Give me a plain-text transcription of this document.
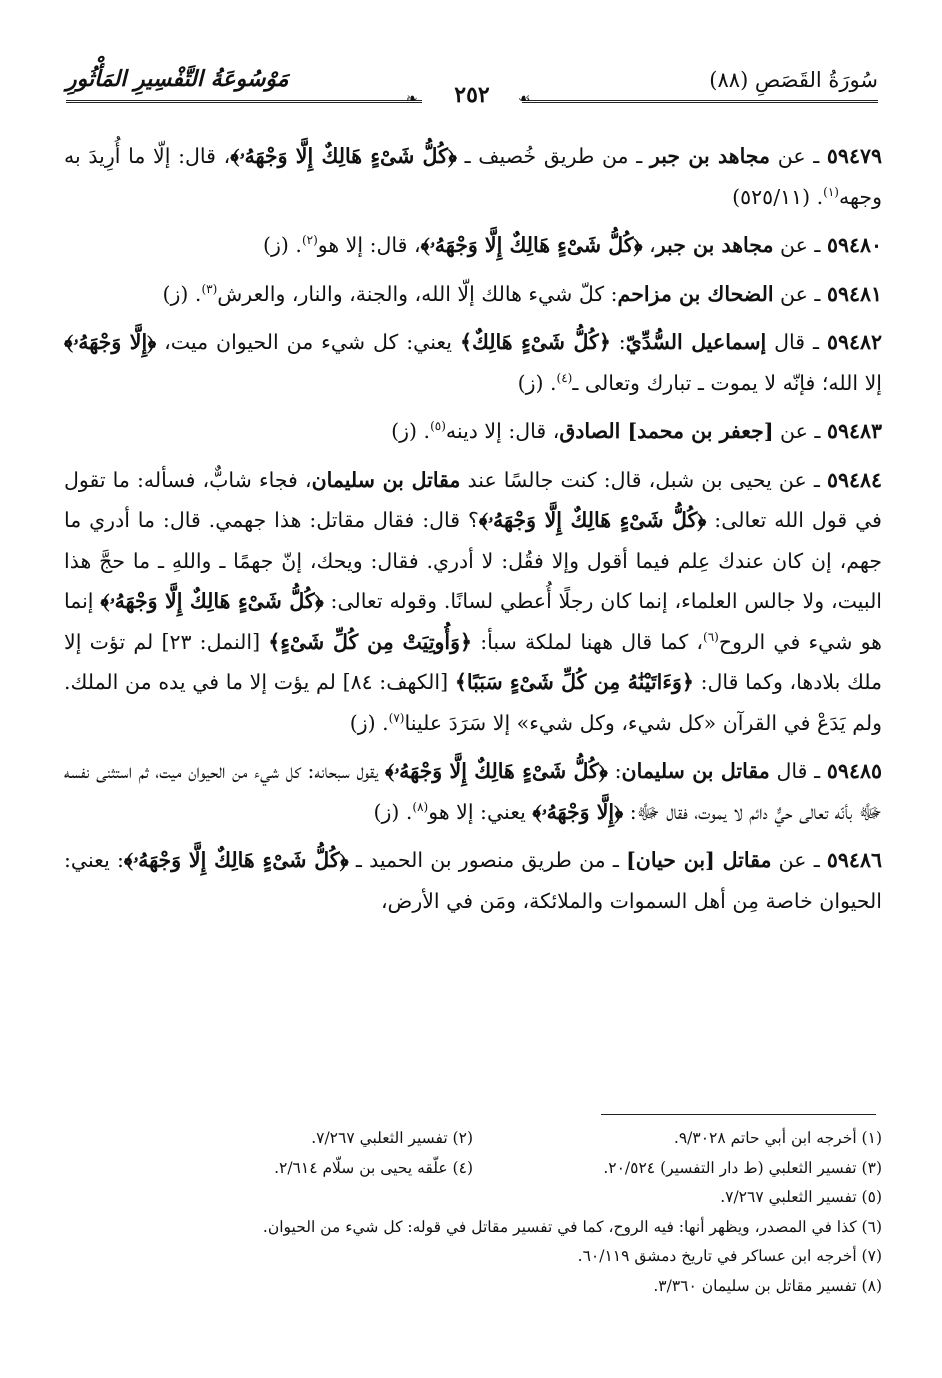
❧	☙
سُورَةُ القَصَصِ (٨٨)
٢٥٢
مَوْسُوعَةُ التَّفْسِيرِ المَأْثُورِ

٥٩٤٧٩ ـ عن مجاهد بن جبر ـ من طريق خُصيف ـ ﴿كُلُّ شَىْءٍ هَالِكٌ إِلَّا وَجْهَهُۥ﴾، قال: إلّا ما أُرِيدَ به وجهه$^{(١)}$. (٥٢٥/١١)

٥٩٤٨٠ ـ عن مجاهد بن جبر، ﴿كُلُّ شَىْءٍ هَالِكٌ إِلَّا وَجْهَهُۥ﴾، قال: إلا هو$^{(٢)}$. (ز)

٥٩٤٨١ ـ عن الضحاك بن مزاحم: كلّ شيء هالك إلّا الله، والجنة، والنار، والعرش$^{(٣)}$. (ز)

٥٩٤٨٢ ـ قال إسماعيل السُّدِّيّ: ﴿كُلُّ شَىْءٍ هَالِكٌ﴾ يعني: كل شيء من الحيوان ميت، ﴿إِلَّا وَجْهَهُۥ﴾ إلا الله؛ فإنّه لا يموت ـ تبارك وتعالى ـ$^{(٤)}$. (ز)

٥٩٤٨٣ ـ عن [جعفر بن محمد] الصادق، قال: إلا دينه$^{(٥)}$. (ز)

٥٩٤٨٤ ـ عن يحيى بن شبل، قال: كنت جالسًا عند مقاتل بن سليمان، فجاء شابٌّ، فسأله: ما تقول في قول الله تعالى: ﴿كُلُّ شَىْءٍ هَالِكٌ إِلَّا وَجْهَهُۥ﴾؟ قال: فقال مقاتل: هذا جهمي. قال: ما أدري ما جهم، إن كان عندك عِلم فيما أقول وإلا فقُل: لا أدري. فقال: ويحك، إنّ جهمًا ـ واللهِ ـ ما حجَّ هذا البيت، ولا جالس العلماء، إنما كان رجلًا أُعطي لسانًا. وقوله تعالى: ﴿كُلُّ شَىْءٍ هَالِكٌ إِلَّا وَجْهَهُۥ﴾ إنما هو شيء في الروح$^{(٦)}$، كما قال ههنا لملكة سبأ: ﴿وَأُوتِيَتْ مِن كُلِّ شَىْءٍ﴾ [النمل: ٢٣] لم تؤت إلا ملك بلادها، وكما قال: ﴿وَءَاتَيْنَٰهُ مِن كُلِّ شَىْءٍ سَبَبًا﴾ [الكهف: ٨٤] لم يؤت إلا ما في يده من الملك. ولم يَدَعْ في القرآن «كل شيء، وكل شيء» إلا سَرَدَ علينا$^{(٧)}$. (ز)

٥٩٤٨٥ ـ قال مقاتل بن سليمان: ﴿كُلُّ شَىْءٍ هَالِكٌ إِلَّا وَجْهَهُۥ﴾ يقول سبحانه: كل شيء من الحيوان ميت، ثم استثنى نفسه ﷻ بأنّه تعالى حيٌّ دائم لا يموت، فقال ﷻ: ﴿إِلَّا وَجْهَهُۥ﴾ يعني: إلا هو$^{(٨)}$. (ز)

٥٩٤٨٦ ـ عن مقاتل [بن حيان] ـ من طريق منصور بن الحميد ـ ﴿كُلُّ شَىْءٍ هَالِكٌ إِلَّا وَجْهَهُۥ﴾: يعني: الحيوان خاصة مِن أهل السموات والملائكة، ومَن في الأرض،

(١) أخرجه ابن أبي حاتم ٩/٣٠٢٨.
(٢) تفسير الثعلبي ٧/٢٦٧.
(٣) تفسير الثعلبي (ط دار التفسير) ٢٠/٥٢٤.
(٤) علّقه يحيى بن سلّام ٢/٦١٤.
(٥) تفسير الثعلبي ٧/٢٦٧.
(٦) كذا في المصدر، ويظهر أنها: فيه الروح، كما في تفسير مقاتل في قوله: كل شيء من الحيوان.
(٧) أخرجه ابن عساكر في تاريخ دمشق ٦٠/١١٩.
(٨) تفسير مقاتل بن سليمان ٣/٣٦٠.
